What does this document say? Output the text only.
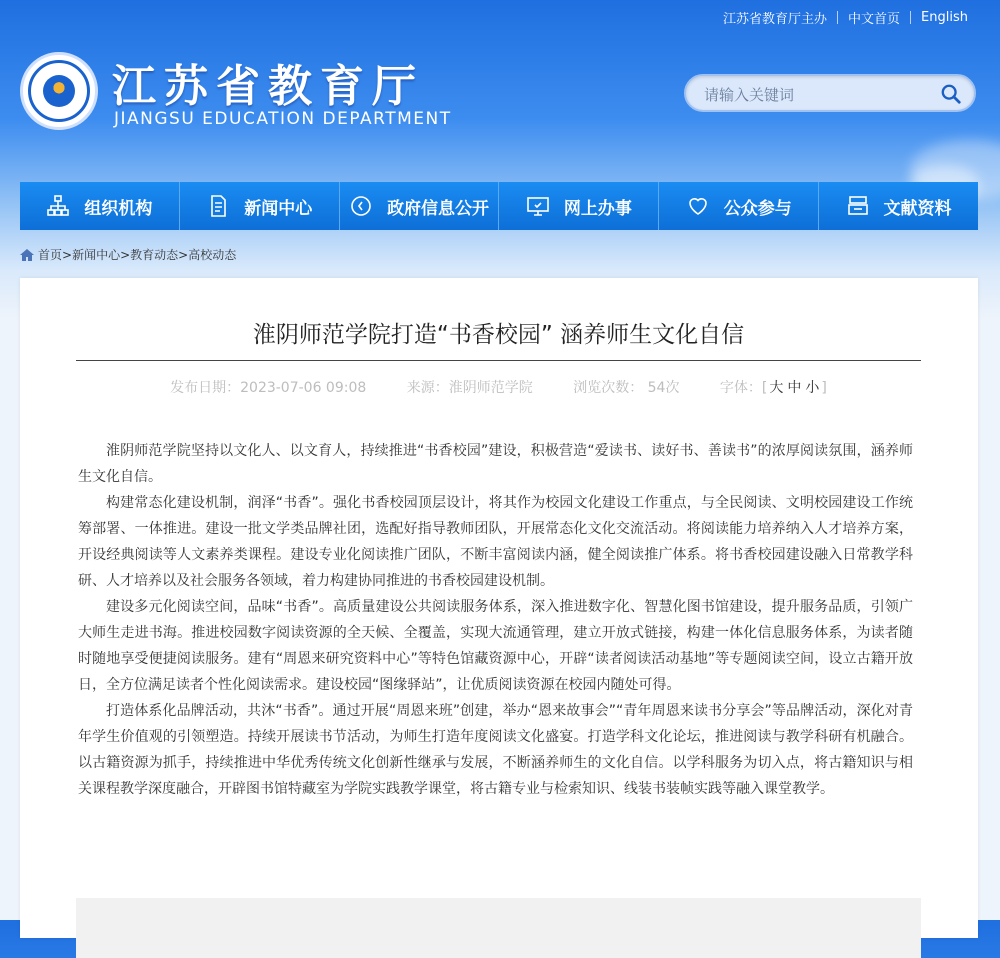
江苏省教育厅主办 中文首页 English
江苏省教育厅
JIANGSU EDUCATION DEPARTMENT
请输入关键词
组织机构	新闻中心	政府信息公开	网上办事	公众参与	文献资料
首页 > 新闻中心 > 教育动态 > 高校动态
淮阴师范学院打造“书香校园” 涵养师生文化自信
发布日期：2023-07-06 09:08	来源：淮阴师范学院	浏览次数： 54次	字体：[ 大 中 小 ]

淮阴师范学院坚持以文化人、以文育人，持续推进“书香校园”建设，积极营造“爱读书、读好书、善读书”的浓厚阅读氛围，涵养师生文化自信。

构建常态化建设机制，润泽“书香”。强化书香校园顶层设计，将其作为校园文化建设工作重点，与全民阅读、文明校园建设工作统筹部署、一体推进。建设一批文学类品牌社团，选配好指导教师团队，开展常态化文化交流活动。将阅读能力培养纳入人才培养方案，开设经典阅读等人文素养类课程。建设专业化阅读推广团队，不断丰富阅读内涵，健全阅读推广体系。将书香校园建设融入日常教学科研、人才培养以及社会服务各领域，着力构建协同推进的书香校园建设机制。

建设多元化阅读空间，品味“书香”。高质量建设公共阅读服务体系，深入推进数字化、智慧化图书馆建设，提升服务品质，引领广大师生走进书海。推进校园数字阅读资源的全天候、全覆盖，实现大流通管理，建立开放式链接，构建一体化信息服务体系，为读者随时随地享受便捷阅读服务。建有“周恩来研究资料中心”等特色馆藏资源中心，开辟“读者阅读活动基地”等专题阅读空间，设立古籍开放日，全方位满足读者个性化阅读需求。建设校园“图缘驿站”，让优质阅读资源在校园内随处可得。

打造体系化品牌活动，共沐“书香”。通过开展“周恩来班”创建，举办“恩来故事会”“青年周恩来读书分享会”等品牌活动，深化对青年学生价值观的引领塑造。持续开展读书节活动，为师生打造年度阅读文化盛宴。打造学科文化论坛，推进阅读与教学科研有机融合。以古籍资源为抓手，持续推进中华优秀传统文化创新性继承与发展，不断涵养师生的文化自信。以学科服务为切入点，将古籍知识与相关课程教学深度融合，开辟图书馆特藏室为学院实践教学课堂，将古籍专业与检索知识、线装书装帧实践等融入课堂教学。
